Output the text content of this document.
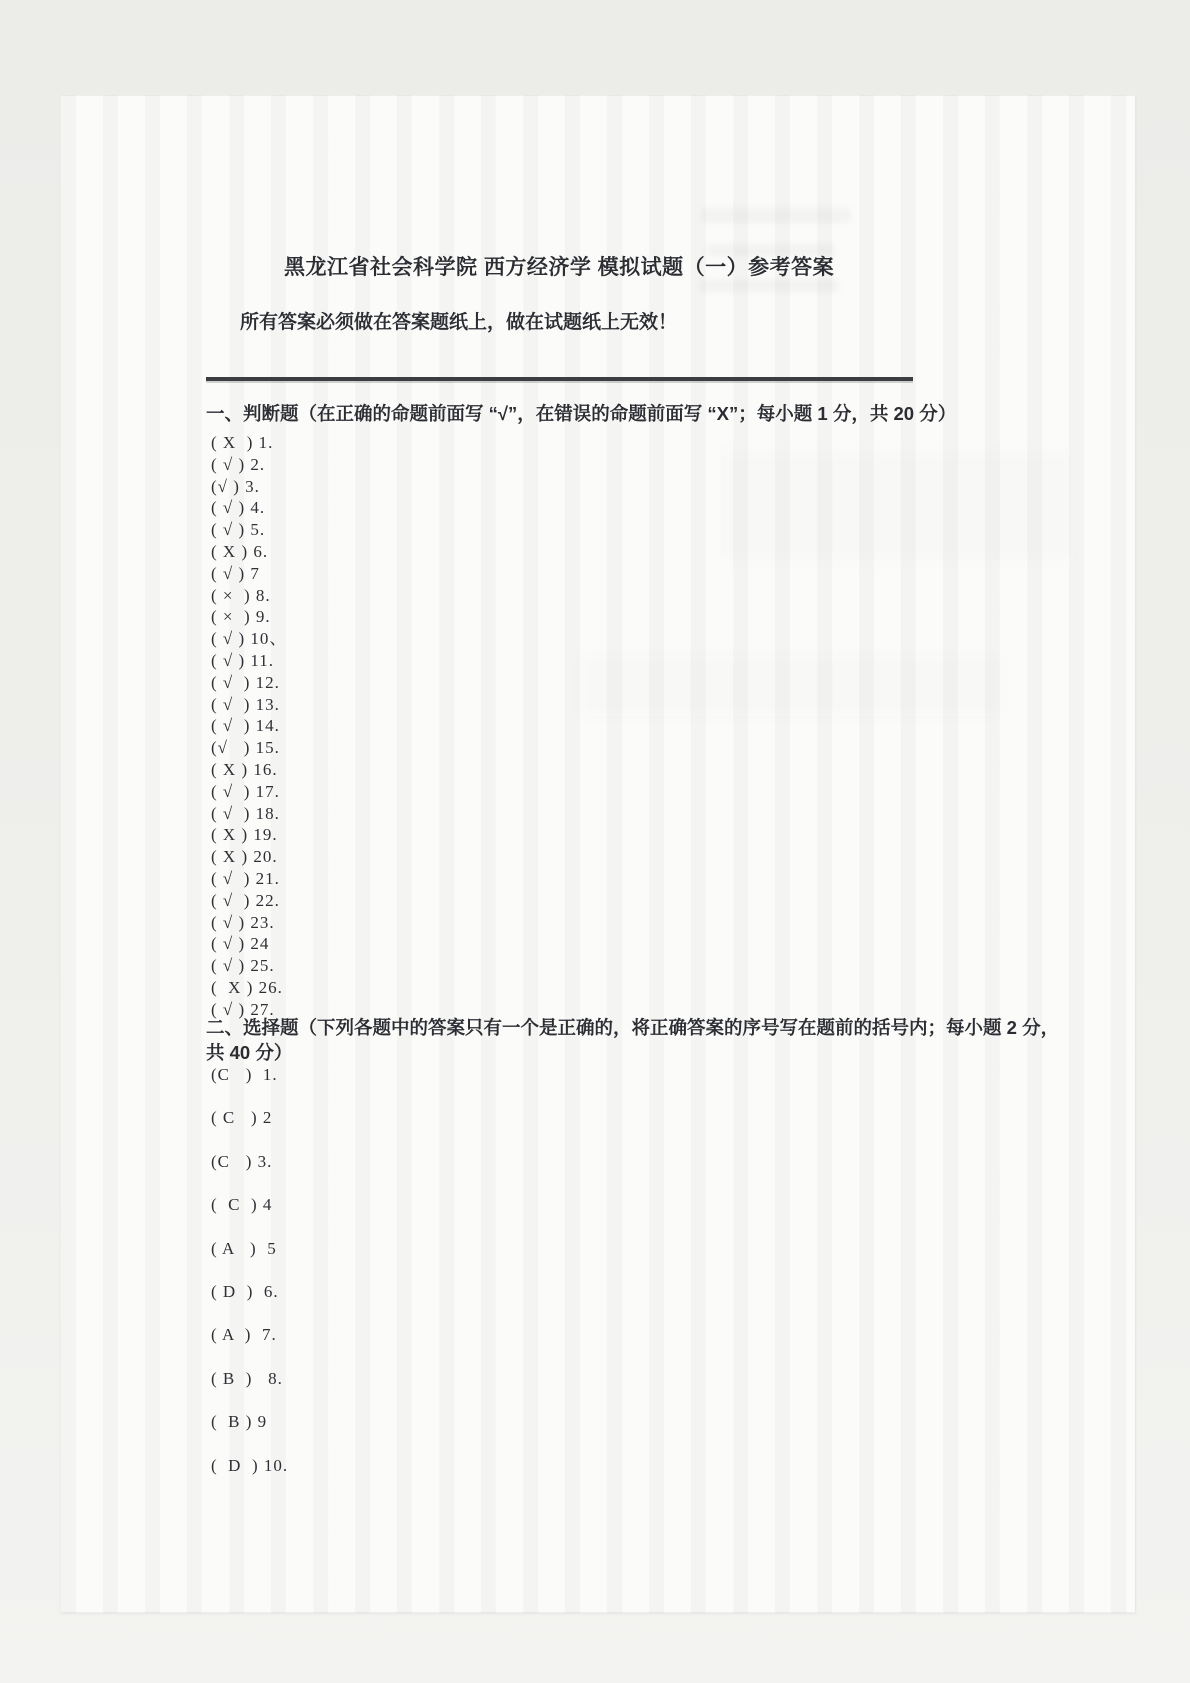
黑龙江省社会科学院 西方经济学 模拟试题（一）参考答案
所有答案必须做在答案题纸上，做在试题纸上无效！
一、判断题（在正确的命题前面写 “√”，在错误的命题前面写 “X”；每小题 1 分，共 20 分）
( X  ) 1.
( √ ) 2.
(√ ) 3.
( √ ) 4.
( √ ) 5.
( X ) 6.
( √ ) 7
( ×  ) 8.
( ×  ) 9.
( √ ) 10、
( √ ) 11.
( √  ) 12.
( √  ) 13.
( √  ) 14.
(√   ) 15.
( X ) 16.
( √  ) 17.
( √  ) 18.
( X ) 19.
( X ) 20.
( √  ) 21.
( √  ) 22.
( √ ) 23.
( √ ) 24
( √ ) 25.
(  X ) 26.
( √ ) 27.
二、选择题（下列各题中的答案只有一个是正确的，将正确答案的序号写在题前的括号内；每小题 2 分，
共 40 分）
(C   )  1.
( C   ) 2
(C   ) 3.
(  C  ) 4
( A   )  5
( D  )  6.
( A  )  7.
( B  )   8.
(  B ) 9
(  D  ) 10.
